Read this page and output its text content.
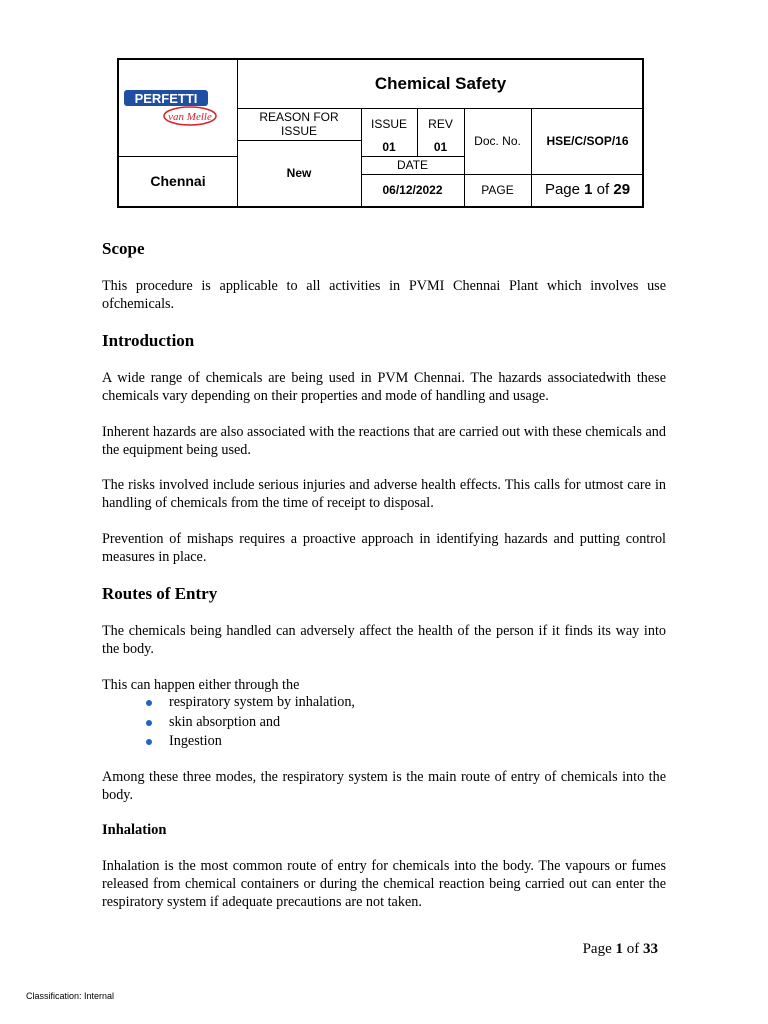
PERFETTI
van Melle
Chennai
Chemical Safety
REASON FOR ISSUE
New
ISSUE
01
REV
01
DATE
06/12/2022
Doc. No.	HSE/C/SOP/16
PAGE	Page 1 of 29
Scope
This procedure is applicable to all activities in PVMI Chennai Plant which involves use ofchemicals.
Introduction
A wide range of chemicals are being used in PVM Chennai. The hazards associatedwith these chemicals vary depending on their properties and mode of handling and usage.
Inherent hazards are also associated with the reactions that are carried out with these chemicals and the equipment being used.
The risks involved include serious injuries and adverse health effects. This calls for utmost care in handling of chemicals from the time of receipt to disposal.
Prevention of mishaps requires a proactive approach in identifying hazards and putting control measures in place.
Routes of Entry
The chemicals being handled can adversely affect the health of the person if it finds its way into the body.
This can happen either through the
respiratory system by inhalation,
skin absorption and
Ingestion
Among these three modes, the respiratory system is the main route of entry of chemicals into the body.
Inhalation
Inhalation is the most common route of entry for chemicals into the body. The vapours or fumes released from chemical containers or during the chemical reaction being carried out can enter the respiratory system if adequate precautions are not taken.
Page 1 of 33
Classification: Internal
